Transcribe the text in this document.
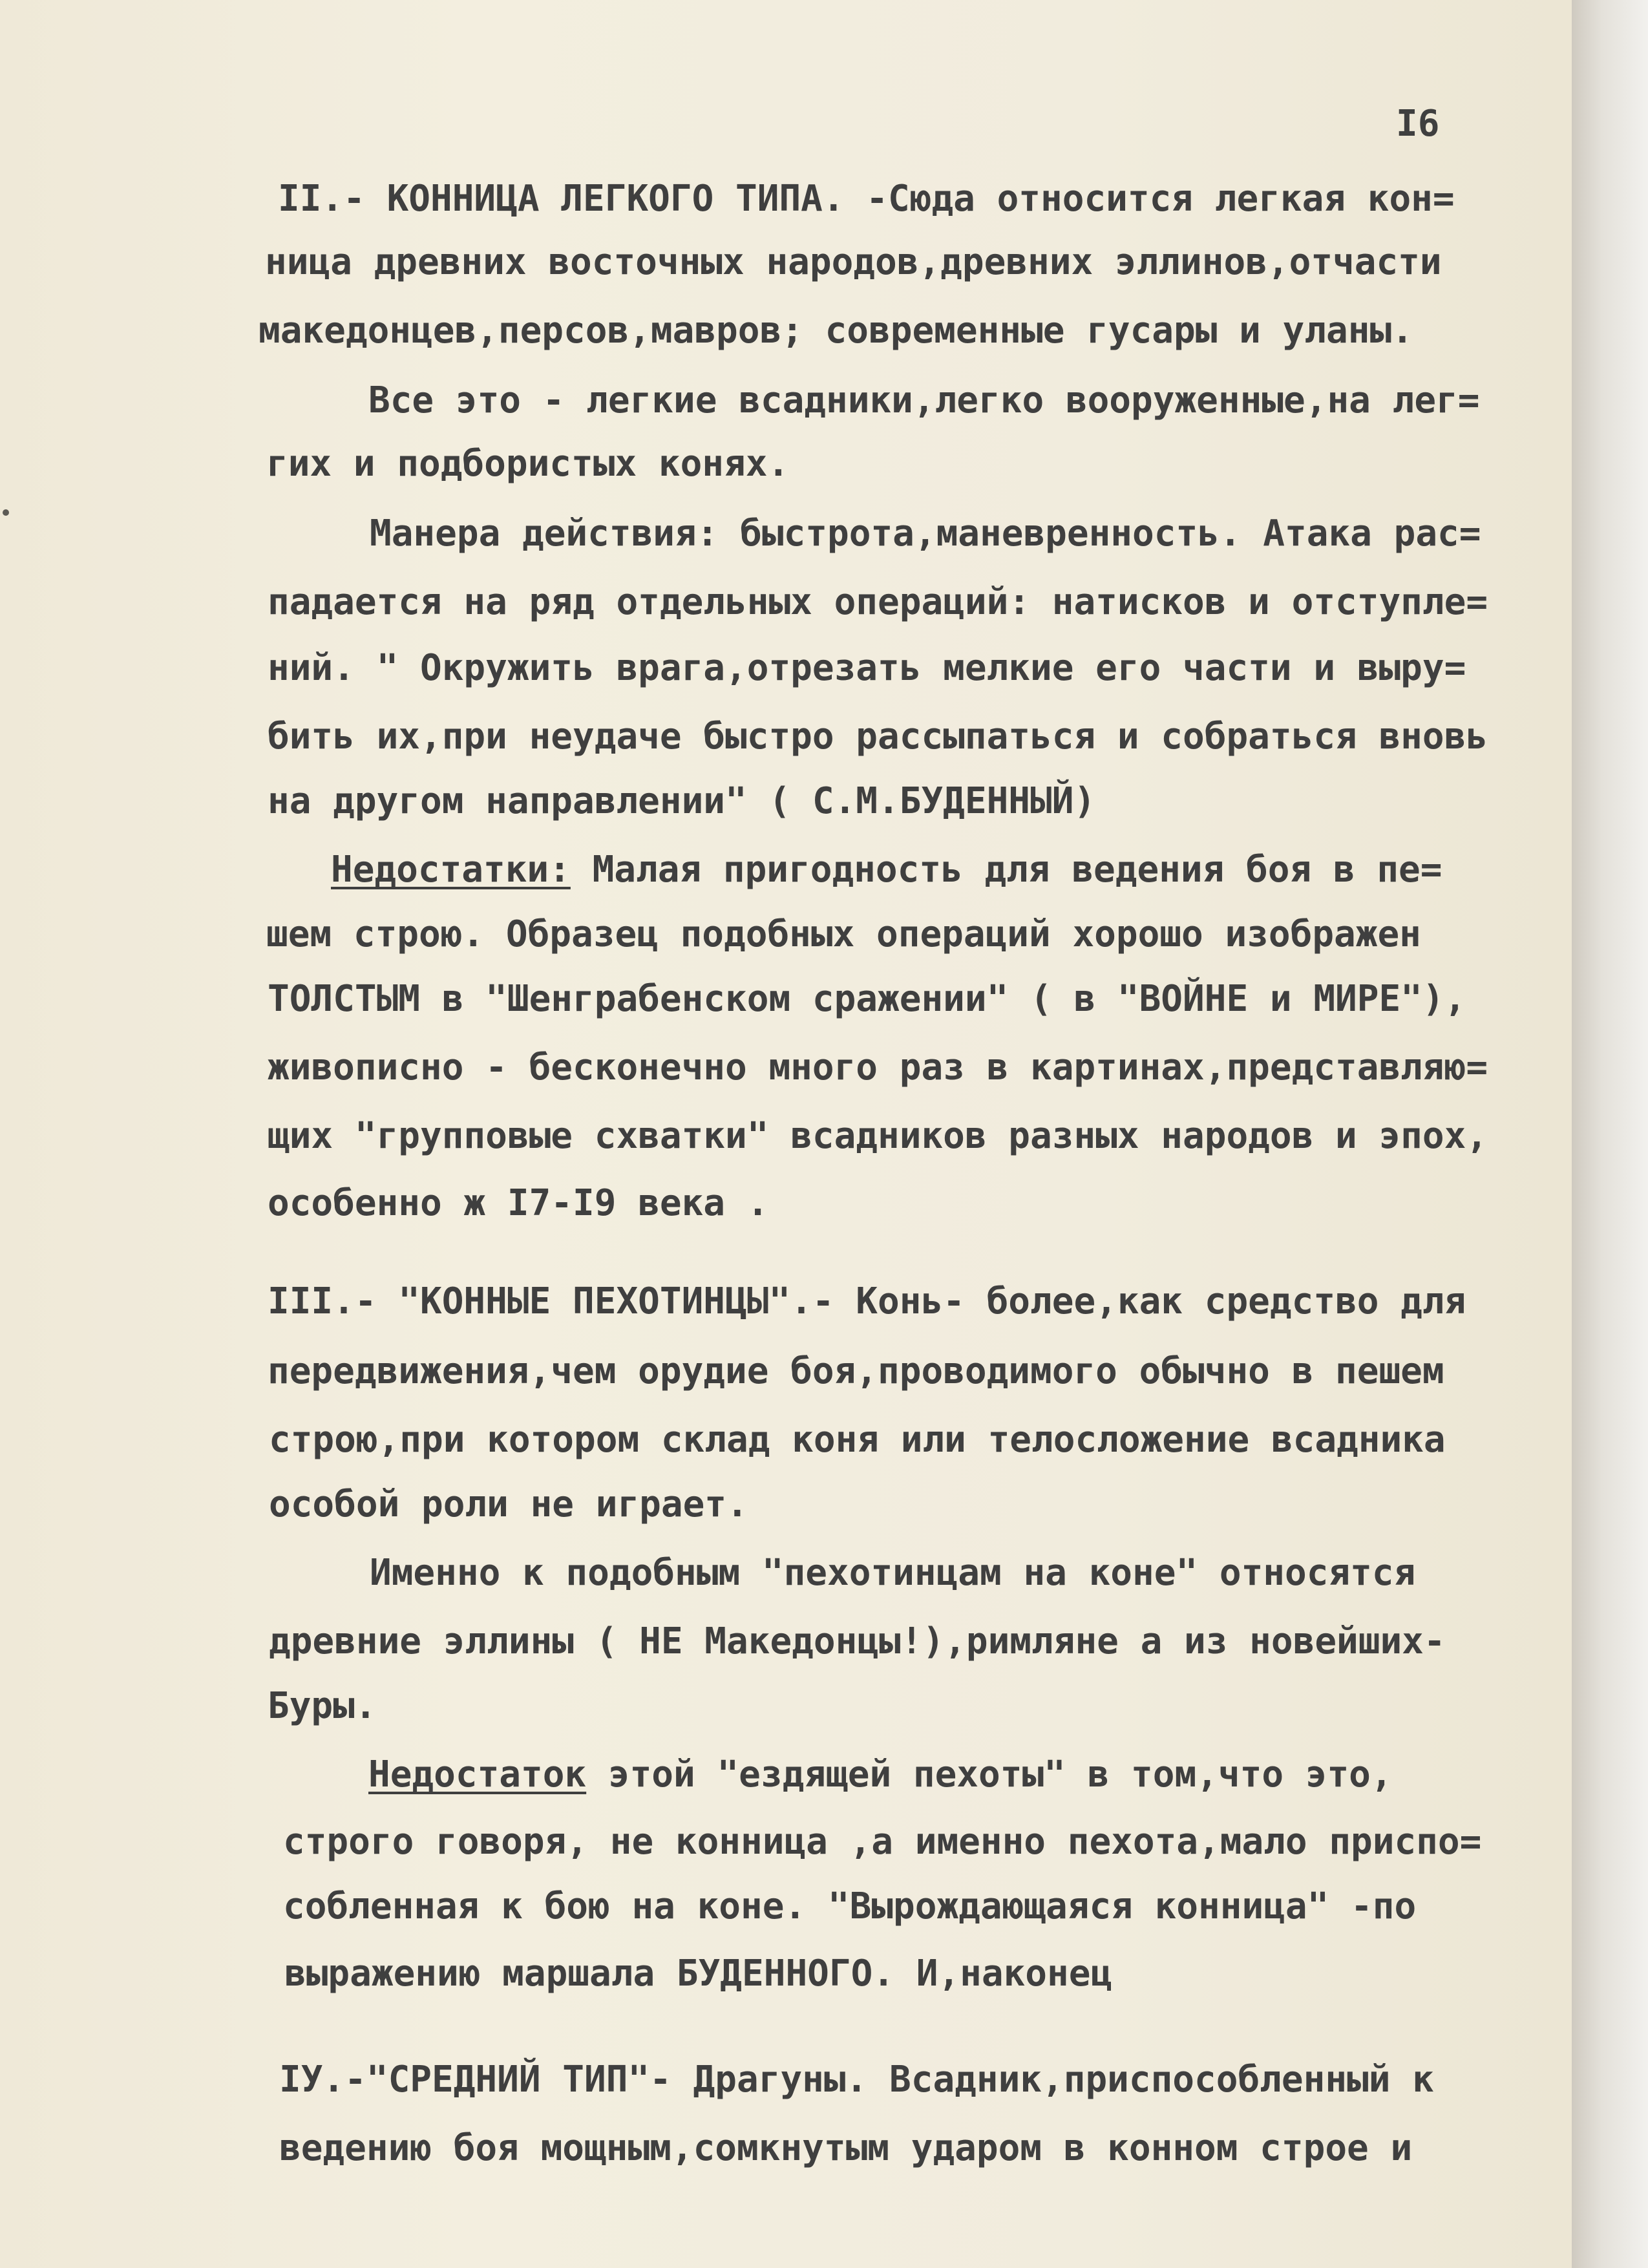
I6

II.- КОННИЦА ЛЕГКОГО ТИПА. -Сюда относится легкая кон=

ница древних восточных народов,древних эллинов,отчасти

македонцев,персов,мавров; современные гусары и уланы.

Все это - легкие всадники,легко вооруженные,на лег=

гих и подбористых конях.

Манера действия: быстрота,маневренность. Атака рас=

падается на ряд отдельных операций: натисков и отступле=

ний. " Окружить врага,отрезать мелкие его части и выру=

бить их,при неудаче быстро рассыпаться и собраться вновь

на другом направлении" ( С.М.БУДЕННЫЙ)

Недостатки: Малая пригодность для ведения боя в пе=

шем строю. Образец подобных операций хорошо изображен

ТОЛСТЫМ в "Шенграбенском сражении" ( в "ВОЙНЕ и МИРЕ"),

живописно - бесконечно много раз в картинах,представляю=

щих "групповые схватки" всадников разных народов и эпох,

особенно ж I7-I9 века .

III.- "КОННЫЕ ПЕХОТИНЦЫ".- Конь- более,как средство для

передвижения,чем орудие боя,проводимого обычно в пешем

строю,при котором склад коня или телосложение всадника

особой роли не играет.

Именно к подобным "пехотинцам на коне" относятся

древние эллины ( НЕ Македонцы!),римляне а из новейших-

Буры.

Недостаток этой "ездящей пехоты" в том,что это,

строго говоря, не конница ,а именно пехота,мало приспо=

собленная к бою на коне. "Вырождающаяся конница" -по

выражению маршала БУДЕННОГО. И,наконец

IУ.-"СРЕДНИЙ ТИП"- Драгуны. Всадник,приспособленный к

ведению боя мощным,сомкнутым ударом в конном строе и
